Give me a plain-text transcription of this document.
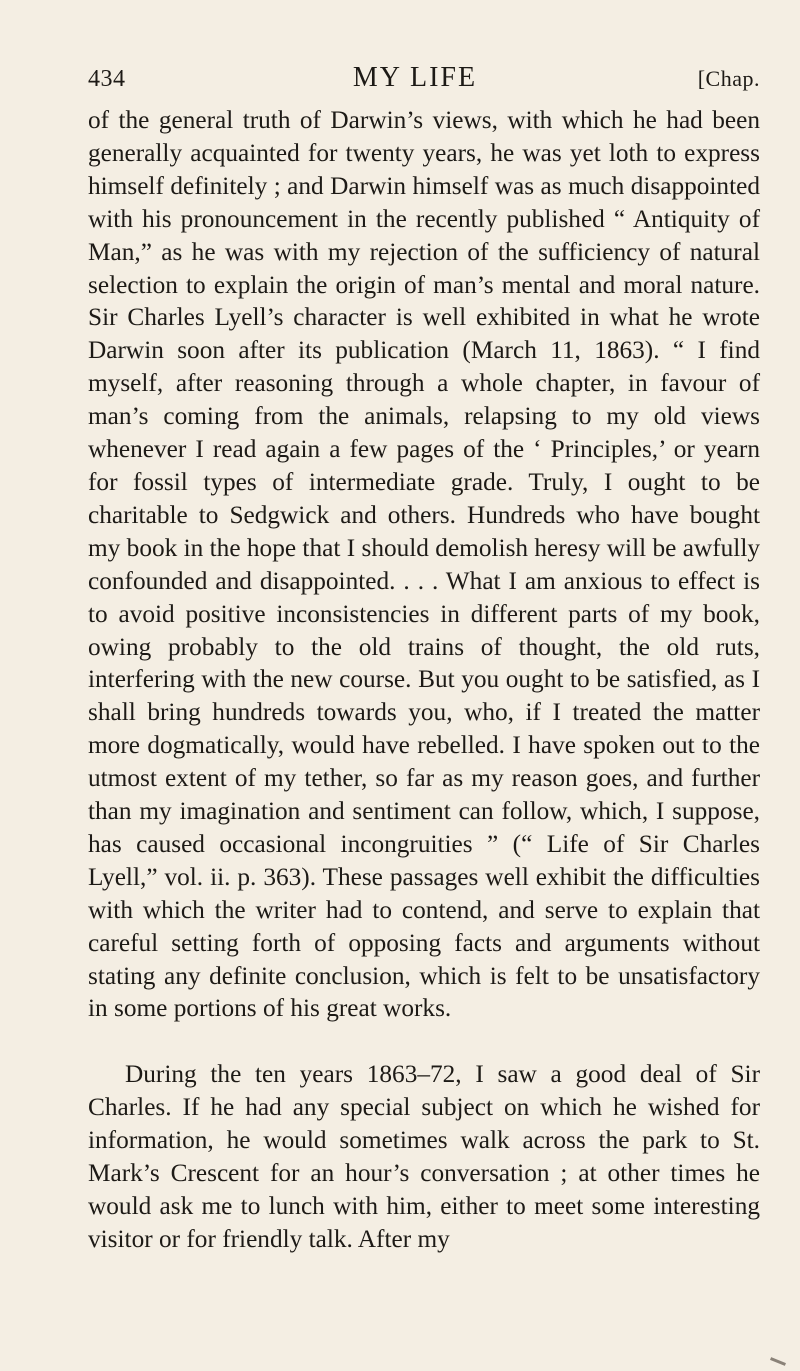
434	MY LIFE	[Chap.

of the general truth of Darwin’s views, with which he had been generally acquainted for twenty years, he was yet loth to express himself definitely ; and Darwin himself was as much disappointed with his pronouncement in the recently published “ Antiquity of Man,” as he was with my rejection of the sufficiency of natural selection to explain the origin of man’s mental and moral nature. Sir Charles Lyell’s character is well exhibited in what he wrote Darwin soon after its publication (March 11, 1863). “ I find myself, after reasoning through a whole chapter, in favour of man’s coming from the animals, relapsing to my old views whenever I read again a few pages of the ‘ Principles,’ or yearn for fossil types of intermediate grade. Truly, I ought to be charitable to Sedgwick and others. Hundreds who have bought my book in the hope that I should demolish heresy will be awfully confounded and disappointed. . . . What I am anxious to effect is to avoid positive inconsistencies in different parts of my book, owing probably to the old trains of thought, the old ruts, interfering with the new course. But you ought to be satisfied, as I shall bring hundreds towards you, who, if I treated the matter more dogmatically, would have rebelled. I have spoken out to the utmost extent of my tether, so far as my reason goes, and further than my imagination and sentiment can follow, which, I suppose, has caused occasional incongruities ” (“ Life of Sir Charles Lyell,” vol. ii. p. 363). These passages well exhibit the difficulties with which the writer had to contend, and serve to explain that careful setting forth of opposing facts and arguments without stating any definite conclusion, which is felt to be unsatisfactory in some portions of his great works.

During the ten years 1863–72, I saw a good deal of Sir Charles. If he had any special subject on which he wished for information, he would sometimes walk across the park to St. Mark’s Crescent for an hour’s conversation ; at other times he would ask me to lunch with him, either to meet some interesting visitor or for friendly talk. After my
